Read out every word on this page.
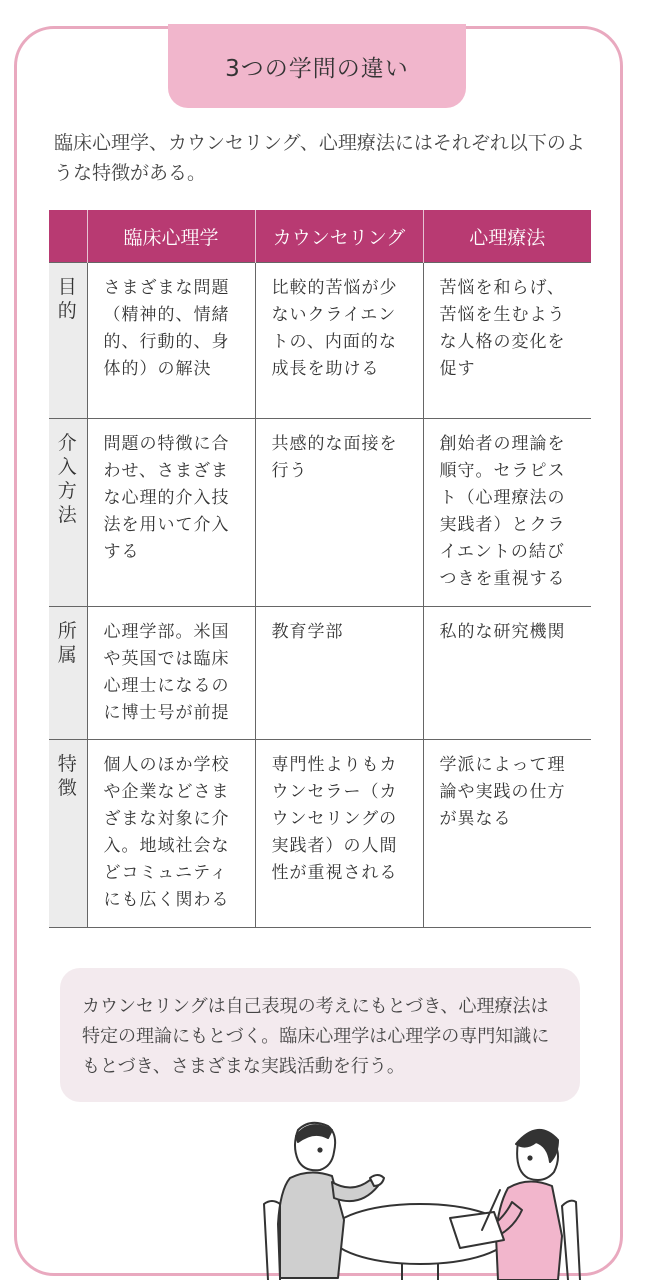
3つの学問の違い
臨床心理学、カウンセリング、心理療法にはそれぞれ以下のような特徴がある。
	臨床心理学	カウンセリング	心理療法
目的	さまざまな問題（精神的、情緒的、行動的、身体的）の解決	比較的苦悩が少ないクライエントの、内面的な成長を助ける	苦悩を和らげ、苦悩を生むような人格の変化を促す
介入方法	問題の特徴に合わせ、さまざまな心理的介入技法を用いて介入する	共感的な面接を行う	創始者の理論を順守。セラピスト（心理療法の実践者）とクライエントの結びつきを重視する
所属	心理学部。米国や英国では臨床心理士になるのに博士号が前提	教育学部	私的な研究機関
特徴	個人のほか学校や企業などさまざまな対象に介入。地域社会などコミュニティにも広く関わる	専門性よりもカウンセラー（カウンセリングの実践者）の人間性が重視される	学派によって理論や実践の仕方が異なる
カウンセリングは自己表現の考えにもとづき、心理療法は特定の理論にもとづく。臨床心理学は心理学の専門知識にもとづき、さまざまな実践活動を行う。
